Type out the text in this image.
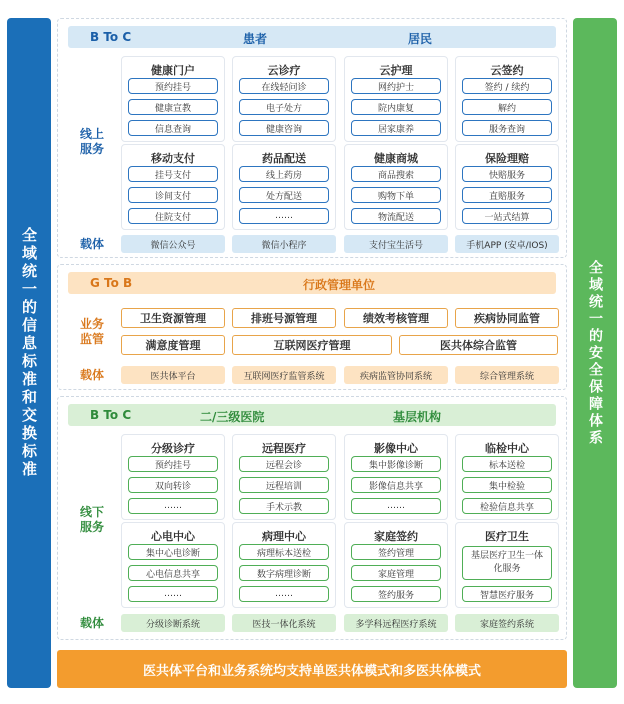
全域统一的信息标准和交换标准	全域统一的安全保障体系
B To C	患者	居民
线上服务
健康门户
预约挂号
健康宣教
信息查询
云诊疗
在线轻问诊
电子处方
健康咨询
云护理
网约护士
院内康复
居家康养
云签约
签约 / 续约
解约
服务查询
移动支付
挂号支付
诊间支付
住院支付
药品配送
线上药房
处方配送
……
健康商城
商品搜索
购物下单
物流配送
保险理赔
快赔服务
直赔服务
一站式结算
载体	微信公众号	微信小程序	支付宝生活号	手机APP (安卓/IOS)
G To B	行政管理单位
业务监管
卫生资源管理	排班号源管理	绩效考核管理	疾病协同监管
满意度管理	互联网医疗管理	医共体综合监管
载体	医共体平台	互联网医疗监管系统	疾病监管协同系统	综合管理系统
B To C	二/三级医院	基层机构
线下服务
分级诊疗
预约挂号
双向转诊
……
远程医疗
远程会诊
远程培训
手术示教
影像中心
集中影像诊断
影像信息共享
……
临检中心
标本送检
集中检验
检验信息共享
心电中心
集中心电诊断
心电信息共享
……
病理中心
病理标本送检
数字病理诊断
……
家庭签约
签约管理
家庭管理
签约服务
医疗卫生
基层医疗卫生一体化服务
智慧医疗服务
载体	分级诊断系统	医技一体化系统	多学科远程医疗系统	家庭签约系统
医共体平台和业务系统均支持单医共体模式和多医共体模式
